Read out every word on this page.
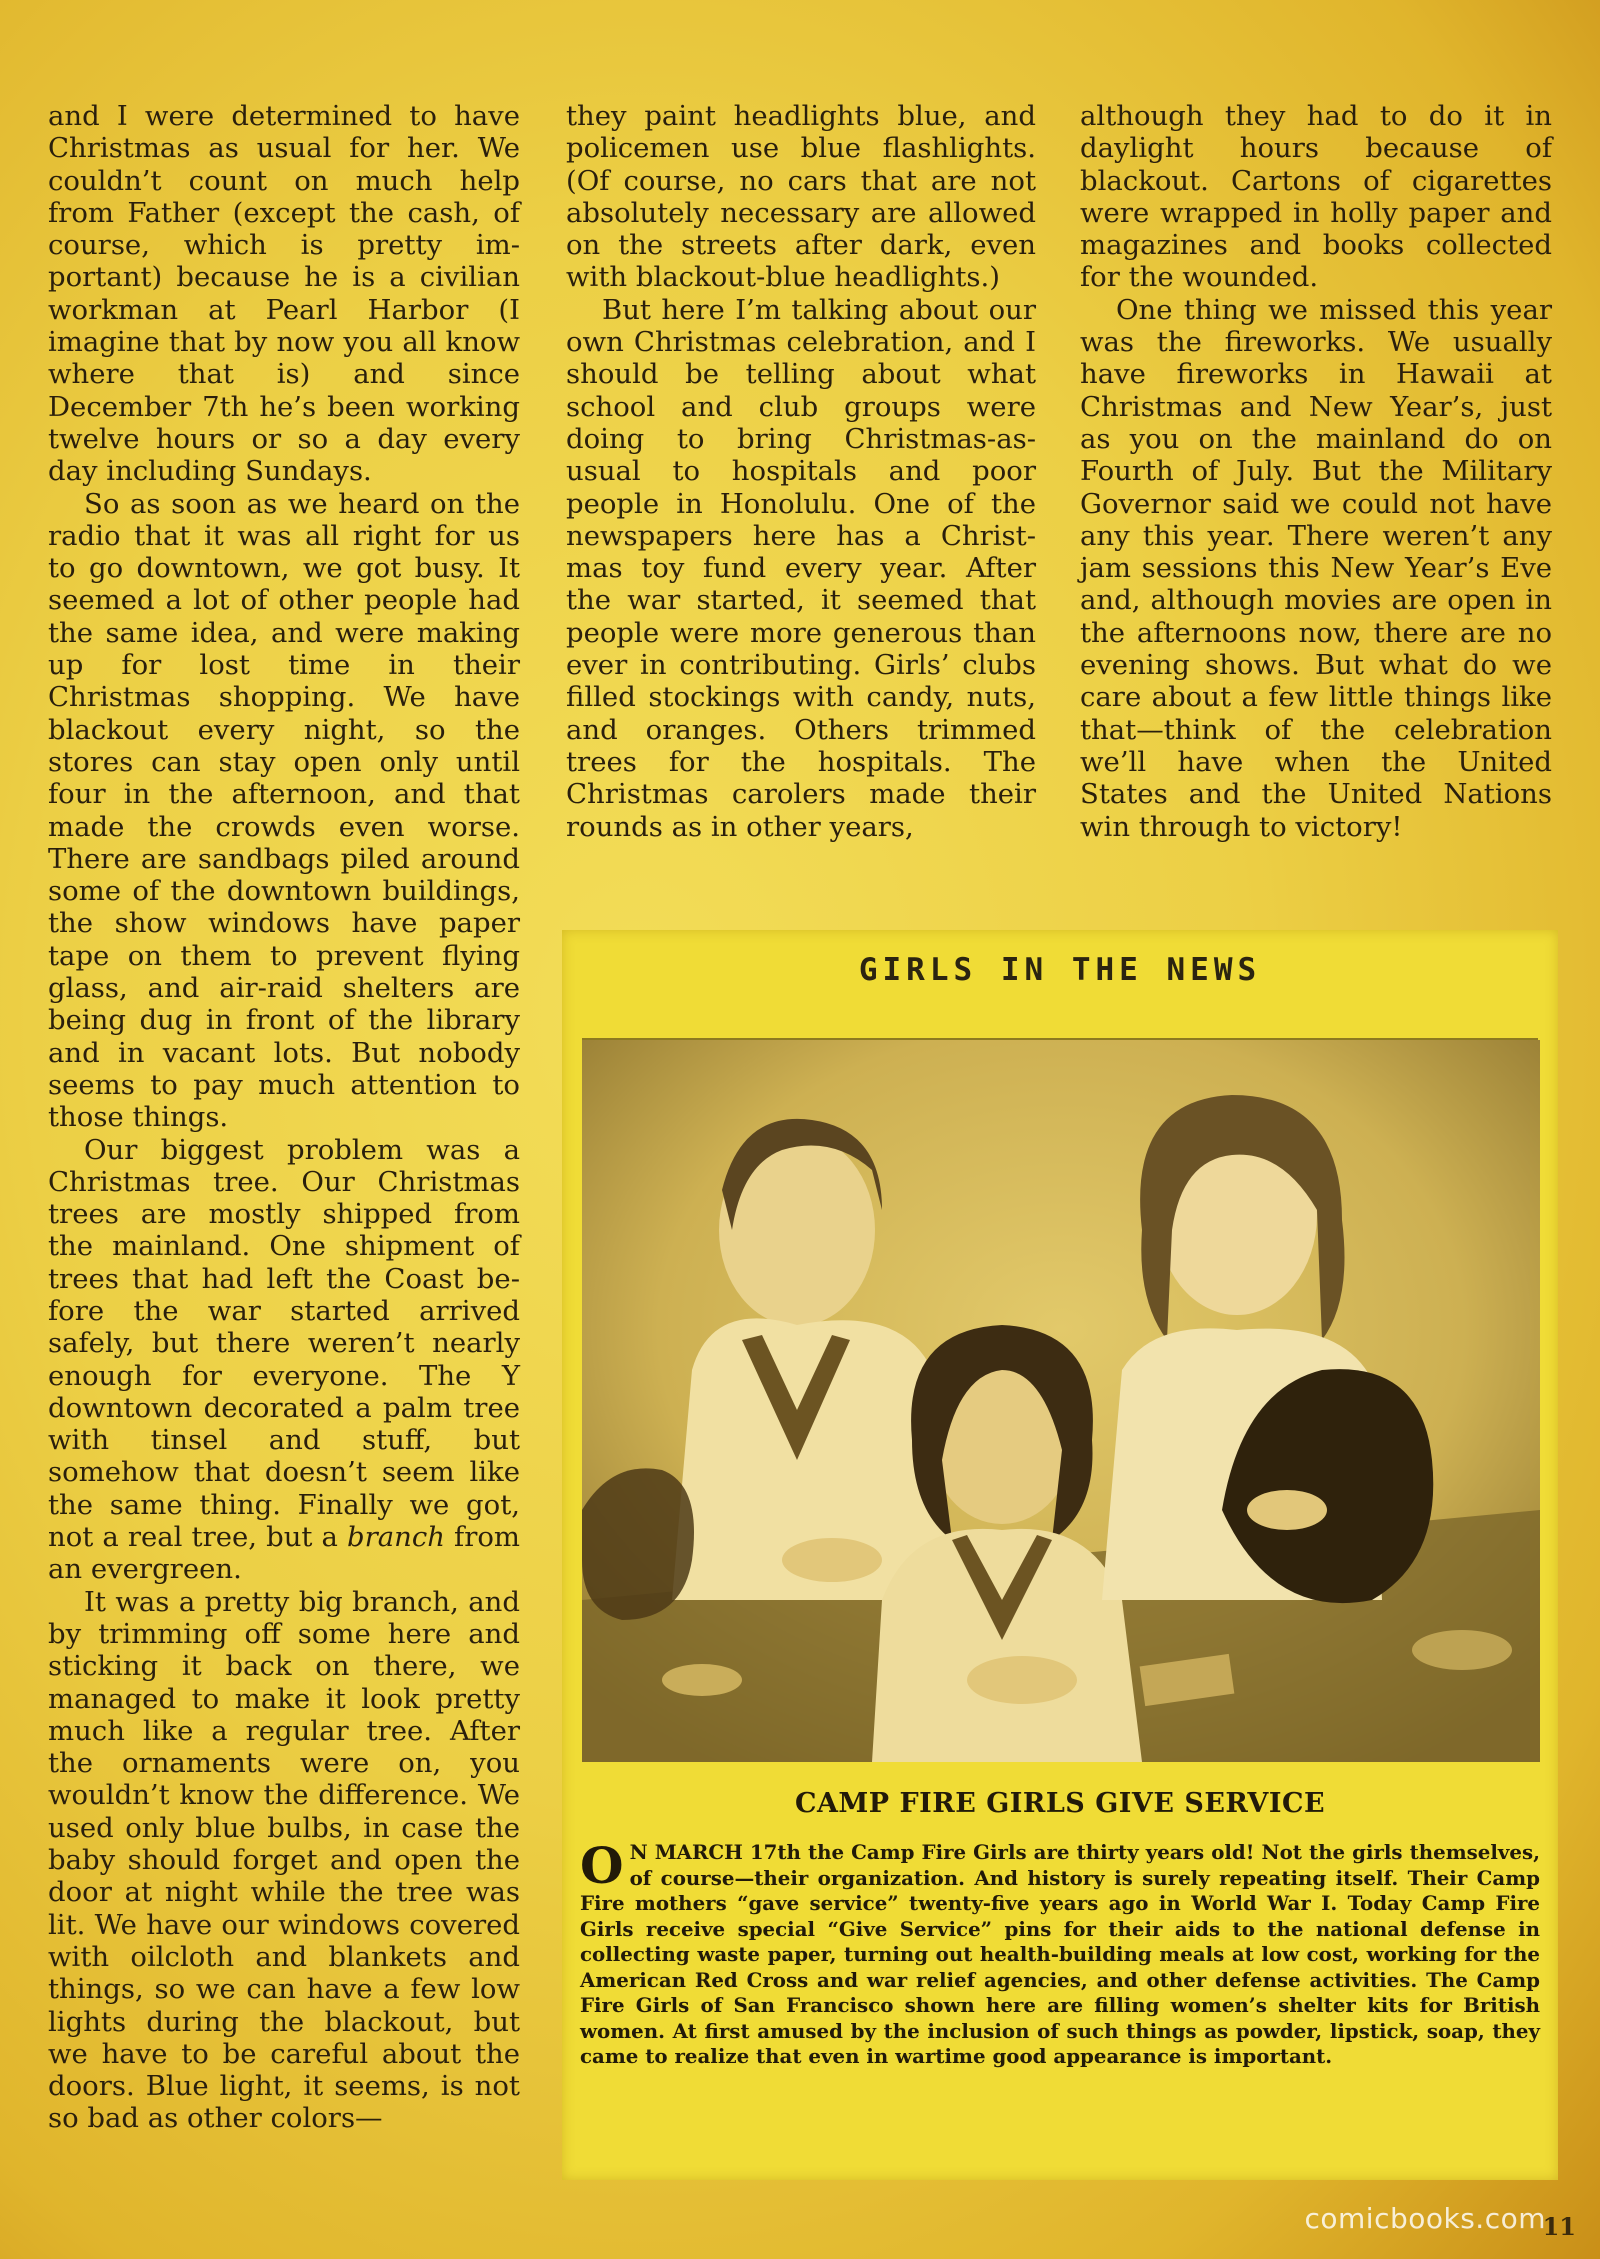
and I were determined to have Christmas as usual for her. We couldn’t count on much help from Father (except the cash, of course, which is pretty important) because he is a civilian workman at Pearl Harbor (I imagine that by now you all know where that is) and since December 7th he’s been working twelve hours or so a day every day including Sundays.

So as soon as we heard on the radio that it was all right for us to go downtown, we got busy. It seemed a lot of other people had the same idea, and were making up for lost time in their Christmas shopping. We have blackout every night, so the stores can stay open only until four in the afternoon, and that made the crowds even worse. There are sandbags piled around some of the downtown buildings, the show windows have paper tape on them to prevent flying glass, and air-raid shelters are being dug in front of the library and in vacant lots. But nobody seems to pay much attention to those things.

Our biggest problem was a Christmas tree. Our Christmas trees are mostly shipped from the mainland. One shipment of trees that had left the Coast before the war started arrived safely, but there weren’t nearly enough for everyone. The Y downtown decorated a palm tree with tinsel and stuff, but somehow that doesn’t seem like the same thing. Finally we got, not a real tree, but a branch from an evergreen.

It was a pretty big branch, and by trimming off some here and sticking it back on there, we managed to make it look pretty much like a regular tree. After the ornaments were on, you wouldn’t know the difference. We used only blue bulbs, in case the baby should forget and open the door at night while the tree was lit. We have our windows covered with oilcloth and blankets and things, so we can have a few low lights during the blackout, but we have to be careful about the doors. Blue light, it seems, is not so bad as other colors—

they paint headlights blue, and policemen use blue flashlights. (Of course, no cars that are not absolutely necessary are allowed on the streets after dark, even with blackout-blue headlights.)

But here I’m talking about our own Christmas celebration, and I should be telling about what school and club groups were doing to bring Christmas-as-usual to hospitals and poor people in Honolulu. One of the newspapers here has a Christmas toy fund every year. After the war started, it seemed that people were more generous than ever in contributing. Girls’ clubs filled stockings with candy, nuts, and oranges. Others trimmed trees for the hospitals. The Christmas carolers made their rounds as in other years,

although they had to do it in daylight hours because of blackout. Cartons of cigarettes were wrapped in holly paper and magazines and books collected for the wounded.

One thing we missed this year was the fireworks. We usually have fireworks in Hawaii at Christmas and New Year’s, just as you on the mainland do on Fourth of July. But the Military Governor said we could not have any this year. There weren’t any jam sessions this New Year’s Eve and, although movies are open in the afternoons now, there are no evening shows. But what do we care about a few little things like that—think of the celebration we’ll have when the United States and the United Nations win through to victory!

GIRLS IN THE NEWS
CAMP FIRE GIRLS GIVE SERVICE
O N MARCH 17th the Camp Fire Girls are thirty years old! Not the girls themselves, of course—their organization. And history is surely repeating itself. Their Camp Fire mothers “gave service” twenty-five years ago in World War I. Today Camp Fire Girls receive special “Give Service” pins for their aids to the national defense in collecting waste paper, turning out health-building meals at low cost, working for the American Red Cross and war relief agencies, and other defense activities. The Camp Fire Girls of San Francisco shown here are filling women’s shelter kits for British women. At first amused by the inclusion of such things as powder, lipstick, soap, they came to realize that even in wartime good appearance is important.
comicbooks.com
11
